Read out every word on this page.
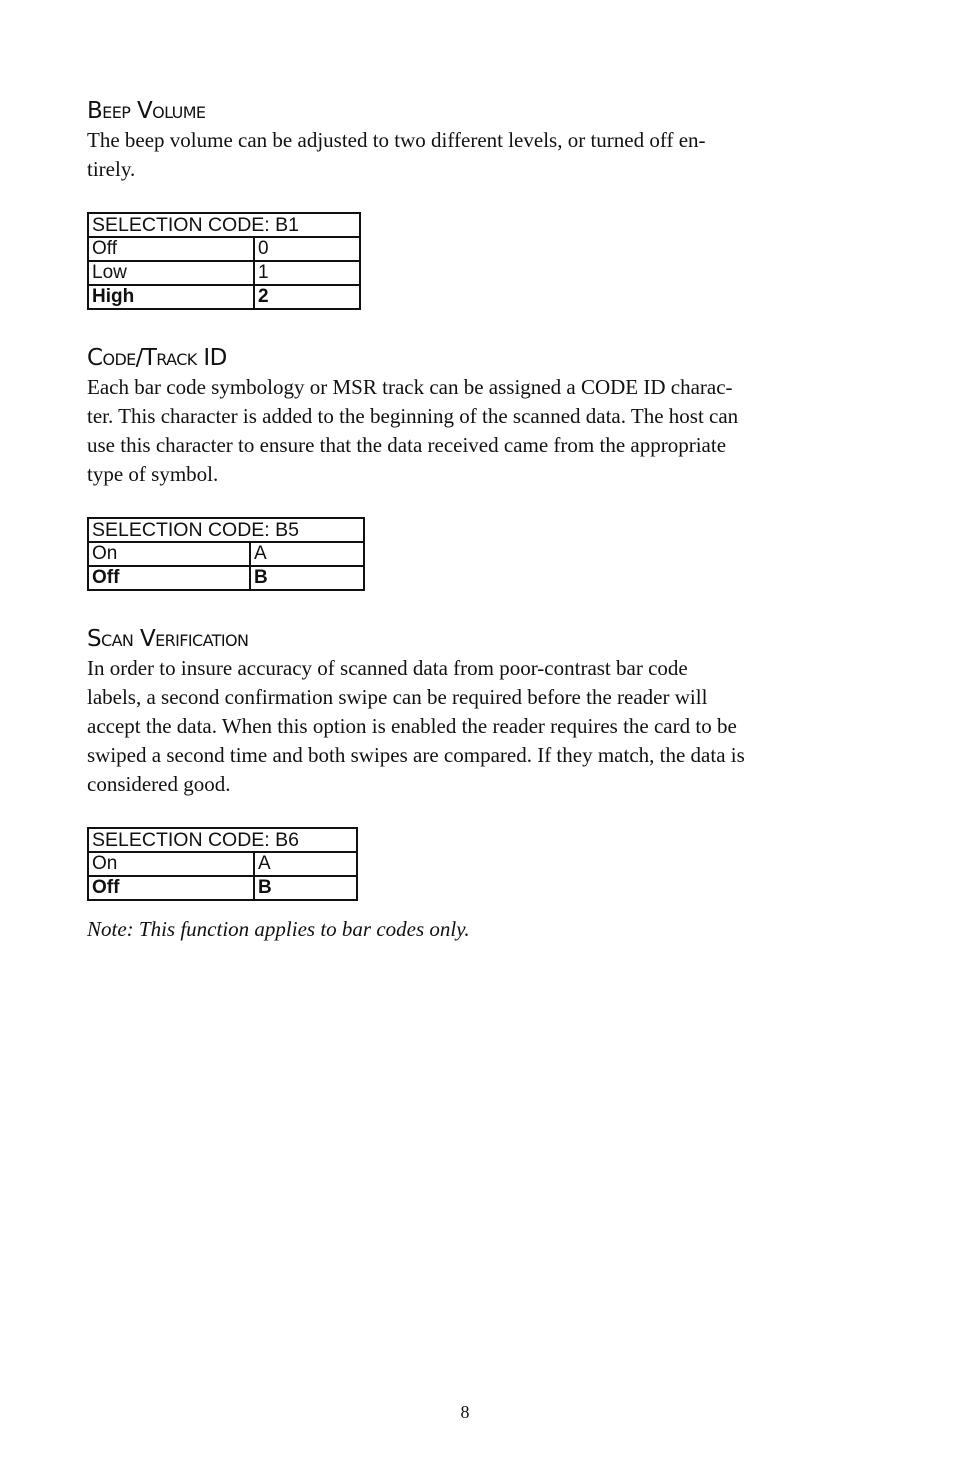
Beep Volume

The beep volume can be adjusted to two different levels, or turned off en-
tirely.

SELECTION CODE: B1	
Off	0
Low	1
High	2
Code/Track ID

Each bar code symbology or MSR track can be assigned a CODE ID charac-
ter. This character is added to the beginning of the scanned data. The host can
use this character to ensure that the data received came from the appropriate
type of symbol.

SELECTION CODE: B5	
On	A
Off	B
Scan Verification

In order to insure accuracy of scanned data from poor-contrast bar code
labels, a second confirmation swipe can be required before the reader will
accept the data. When this option is enabled the reader requires the card to be
swiped a second time and both swipes are compared. If they match, the data is
considered good.

SELECTION CODE: B6	
On	A
Off	B

Note: This function applies to bar codes only.

8
